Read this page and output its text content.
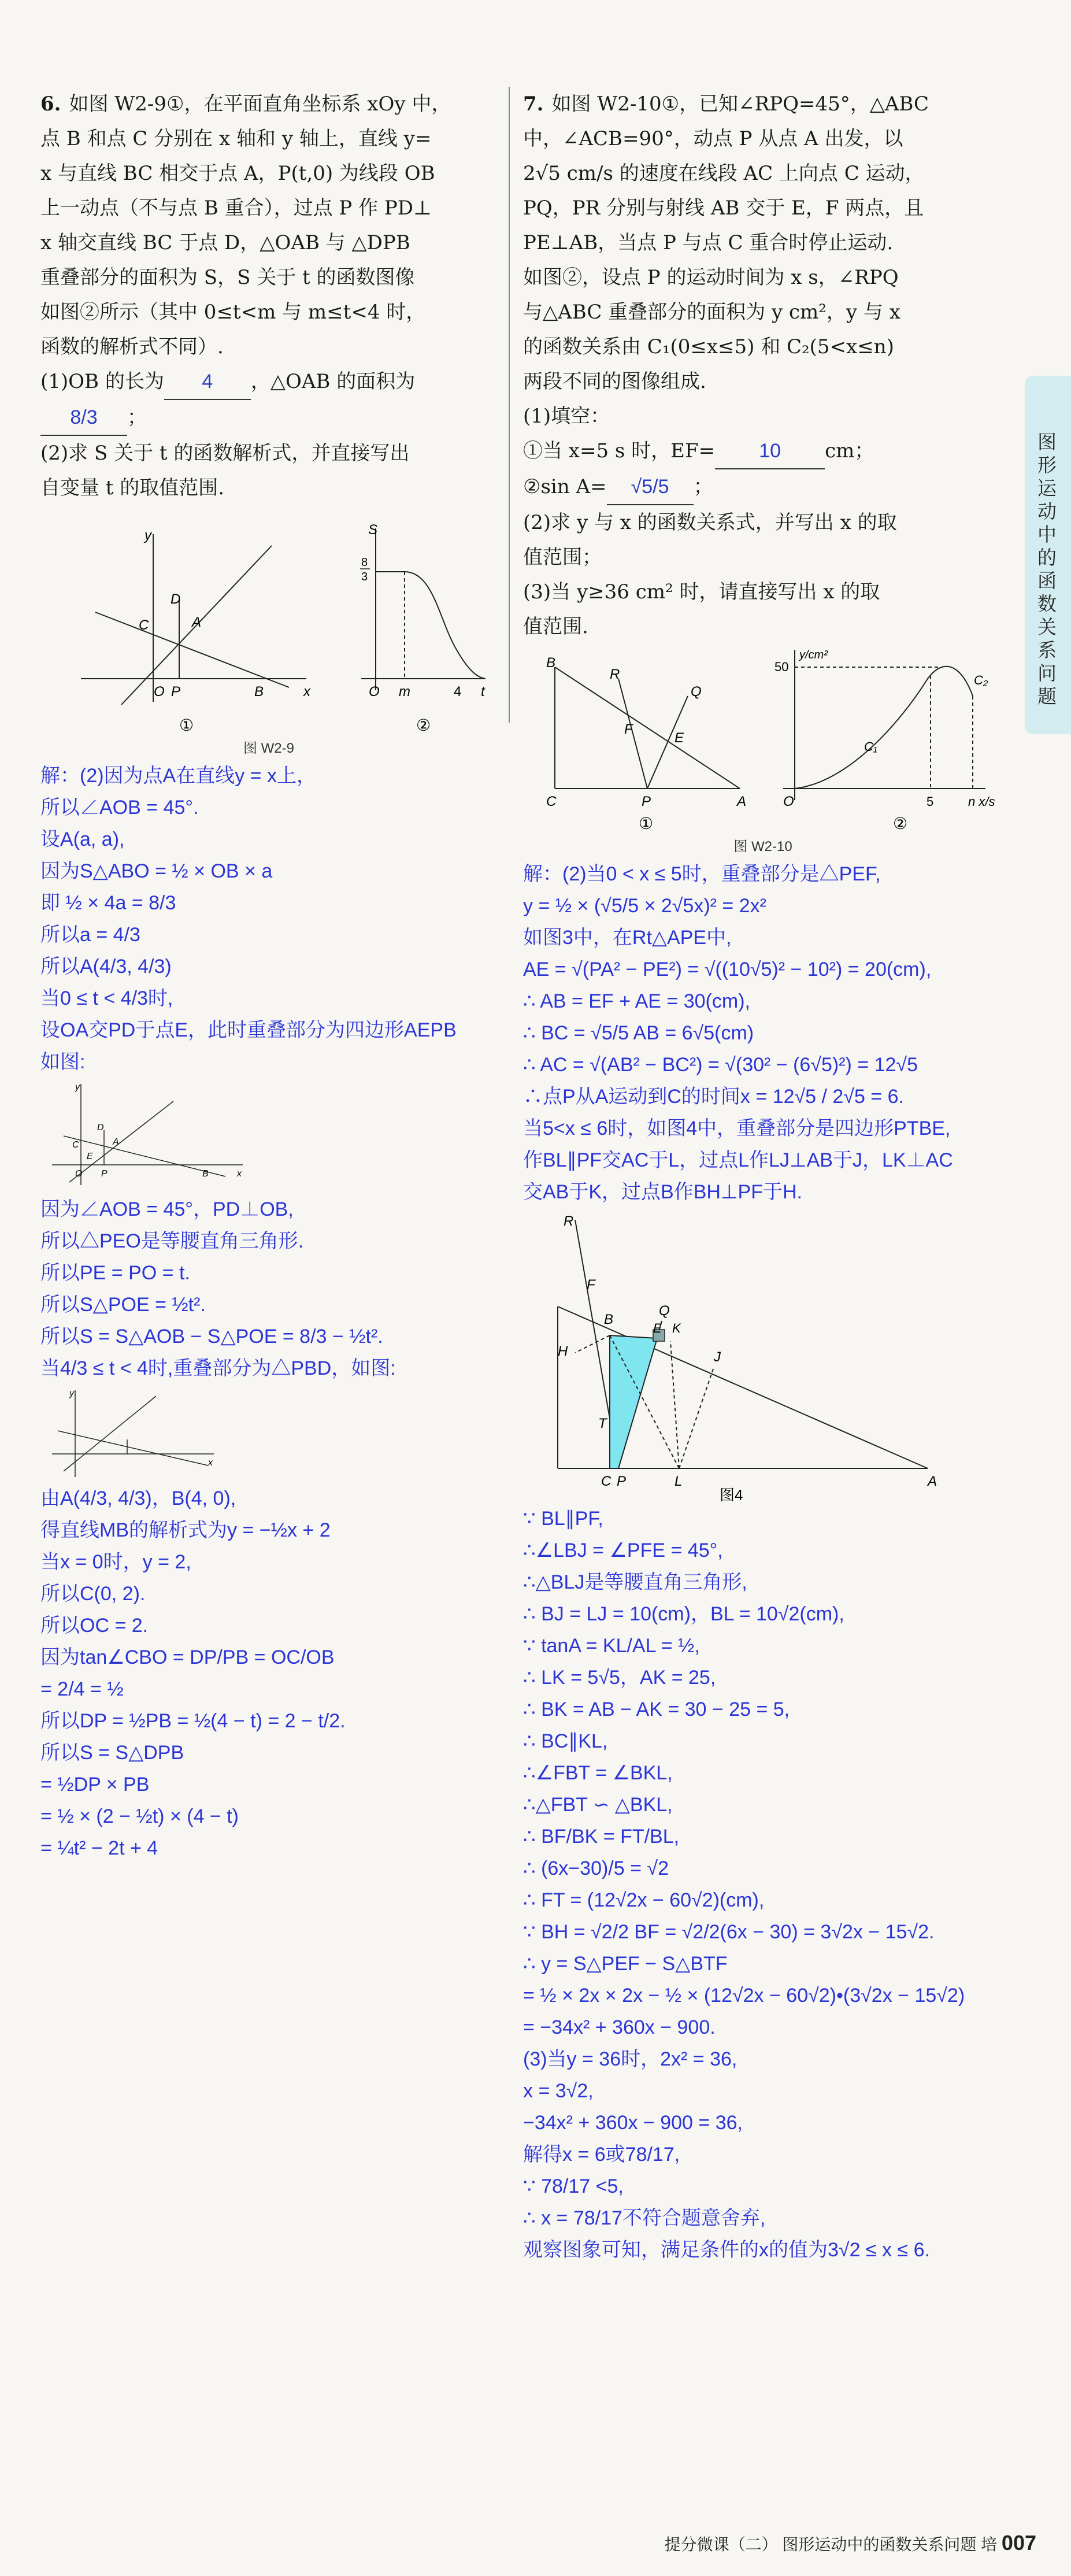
6. 如图 W2-9①，在平面直角坐标系 xOy 中，

点 B 和点 C 分别在 x 轴和 y 轴上，直线 y=

x 与直线 BC 相交于点 A，P(t,0) 为线段 OB

上一动点（不与点 B 重合），过点 P 作 PD⊥

x 轴交直线 BC 于点 D，△OAB 与 △DPB

重叠部分的面积为 S，S 关于 t 的函数图像

如图②所示（其中 0≤t<m 与 m≤t<4 时，

函数的解析式不同）.

(1)OB 的长为 4 ，△OAB 的面积为

8/3 ；

(2)求 S 关于 t 的函数解析式，并直接写出

自变量 t 的取值范围.

y
x
C
D
A
O P	B
①
S
8
3
O m	4 t
②
图 W2-9

解：(2)因为点A在直线y = x上，

所以∠AOB = 45°.

设A(a, a),

因为S△ABO = ½ × OB × a

即 ½ × 4a = 8/3

所以a = 4/3

所以A(4/3, 4/3)

当0 ≤ t < 4/3时,

设OA交PD于点E，此时重叠部分为四边形AEPB

如图:

y
x
C
D
A
E
O P	B

因为∠AOB = 45°，PD⊥OB,

所以△PEO是等腰直角三角形.

所以PE = PO = t.

所以S△POE = ½t².

所以S = S△AOB − S△POE = 8/3 − ½t².

当4/3 ≤ t < 4时,重叠部分为△PBD，如图:

y
x

由A(4/3, 4/3)，B(4, 0),

得直线MB的解析式为y = −½x + 2

当x = 0时，y = 2,

所以C(0, 2).

所以OC = 2.

因为tan∠CBO = DP/PB = OC/OB

= 2/4 = ½

所以DP = ½PB = ½(4 − t) = 2 − t/2.

所以S = S△DPB

= ½DP × PB

= ½ × (2 − ½t) × (4 − t)

= ¼t² − 2t + 4

7. 如图 W2-10①，已知∠RPQ=45°，△ABC

中，∠ACB=90°，动点 P 从点 A 出发，以

2√5 cm/s 的速度在线段 AC 上向点 C 运动，

PQ，PR 分别与射线 AB 交于 E，F 两点，且

PE⊥AB，当点 P 与点 C 重合时停止运动.

如图②，设点 P 的运动时间为 x s，∠RPQ

与△ABC 重叠部分的面积为 y cm²，y 与 x

的函数关系由 C₁(0≤x≤5) 和 C₂(5<x≤n)

两段不同的图像组成.

(1)填空：

①当 x=5 s 时，EF= 10 cm；

②sin A= √5/5 ；

(2)求 y 与 x 的函数关系式，并写出 x 的取

值范围；

(3)当 y≥36 cm² 时，请直接写出 x 的取

值范围.

B
R
Q
F
E
C	P	A
①
y/cm²
50
C₁
C₂
O	5	n x/s
②
图 W2-10

解：(2)当0 < x ≤ 5时，重叠部分是△PEF,

y = ½ × (√5/5 × 2√5x)² = 2x²

如图3中，在Rt△APE中,

AE = √(PA² − PE²) = √((10√5)² − 10²) = 20(cm),

∴ AB = EF + AE = 30(cm),

∴ BC = √5/5 AB = 6√5(cm)

∴ AC = √(AB² − BC²) = √(30² − (6√5)²) = 12√5

∴点P从A运动到C的时间x = 12√5 / 2√5 = 6.

当5<x ≤ 6时，如图4中，重叠部分是四边形PTBE,

作BL∥PF交AC于L，过点L作LJ⊥AB于J，LK⊥AC

交AB于K，过点B作BH⊥PF于H.

R
F
B
Q
E K
J
H
T
C P	L	A
图4

∵ BL∥PF,

∴∠LBJ = ∠PFE = 45°,

∴△BLJ是等腰直角三角形,

∴ BJ = LJ = 10(cm)，BL = 10√2(cm),

∵ tanA = KL/AL = ½,

∴ LK = 5√5，AK = 25,

∴ BK = AB − AK = 30 − 25 = 5,

∴ BC∥KL,

∴∠FBT = ∠BKL,

∴△FBT ∽ △BKL,

∴ BF/BK = FT/BL,

∴ (6x−30)/5 = √2

∴ FT = (12√2x − 60√2)(cm),

∵ BH = √2/2 BF = √2/2(6x − 30) = 3√2x − 15√2.

∴ y = S△PEF − S△BTF

= ½ × 2x × 2x − ½ × (12√2x − 60√2)•(3√2x − 15√2)

= −34x² + 360x − 900.

(3)当y = 36时，2x² = 36,

x = 3√2,

−34x² + 360x − 900 = 36,

解得x = 6或78/17,

∵ 78/17 <5,

∴ x = 78/17不符合题意舍弃,

观察图象可知，满足条件的x的值为3√2 ≤ x ≤ 6.

图形运动中的函数关系问题
提分微课（二） 图形运动中的函数关系问题 培 007
